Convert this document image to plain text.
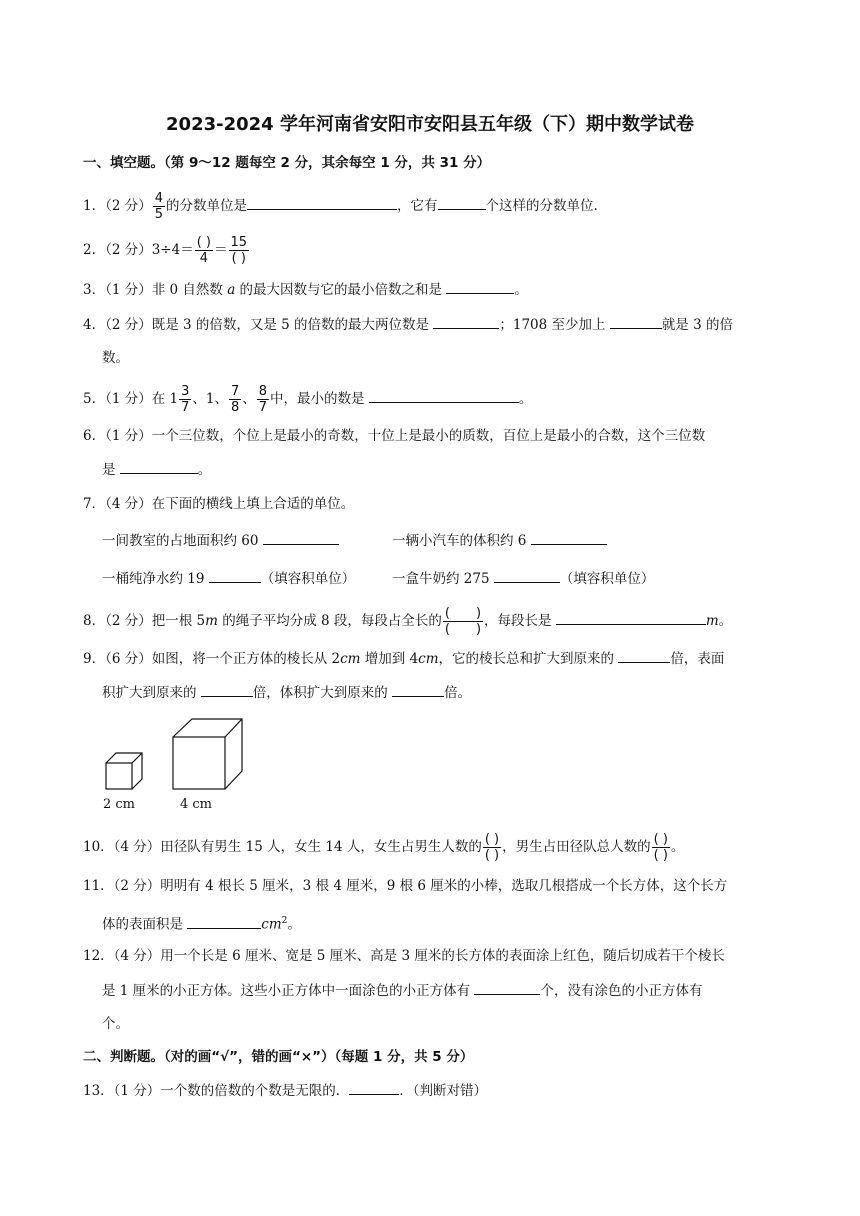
2023-2024 学年河南省安阳市安阳县五年级（下）期中数学试卷
一、填空题。（第 9～12 题每空 2 分，其余每空 1 分，共 31 分）
1．（2 分） $\frac{4}{5}$ 的分数单位是	，它有	个这样的分数单位.
2．（2 分）$3\div 4= \frac{( )}{4} = \frac{15}{( )}$
3．（1 分）非 0 自然数 a 的最大因数与它的最小倍数之和是	。
4．（2 分）既是 3 的倍数，又是 5 的倍数的最大两位数是	；1708 至少加上	就是 3 的倍
数。
5．（1 分）在 $1 \frac{3}{7}$ 、1、 $\frac{7}{8}$ 、 $\frac{8}{7}$ 中，最小的数是	。
6．（1 分）一个三位数，个位上是最小的奇数，十位上是最小的质数，百位上是最小的合数，这个三位数
是	。
7．（4 分）在下面的横线上填上合适的单位。
一间教室的占地面积约 60	一辆小汽车的体积约 6
一桶纯净水约 19	（填容积单位）	一盒牛奶约 275	（填容积单位）
8．（2 分）把一根 5m 的绳子平均分成 8 段，每段占全长的 $\frac{( )}{( )}$ ，每段长是	m。
9．（6 分）如图，将一个正方体的棱长从 2cm 增加到 4cm，它的棱长总和扩大到原来的	倍，表面
积扩大到原来的	倍，体积扩大到原来的	倍。
2 cm	4 cm
10．（4 分）田径队有男生 15 人，女生 14 人，女生占男生人数的 $\frac{( )}{( )}$ ，男生占田径队总人数的 $\frac{( )}{( )}$ 。
11．（2 分）明明有 4 根长 5 厘米，3 根 4 厘米，9 根 6 厘米的小棒，选取几根搭成一个长方体，这个长方
体的表面积是	$cm^2$。
12．（4 分）用一个长是 6 厘米、宽是 5 厘米、高是 3 厘米的长方体的表面涂上红色，随后切成若干个棱长
是 1 厘米的小正方体。这些小正方体中一面涂色的小正方体有	个，没有涂色的小正方体有
个。
二、判断题。（对的画“√”，错的画“×”）（每题 1 分，共 5 分）
13．（1 分）一个数的倍数的个数是无限的．	．（判断对错）
